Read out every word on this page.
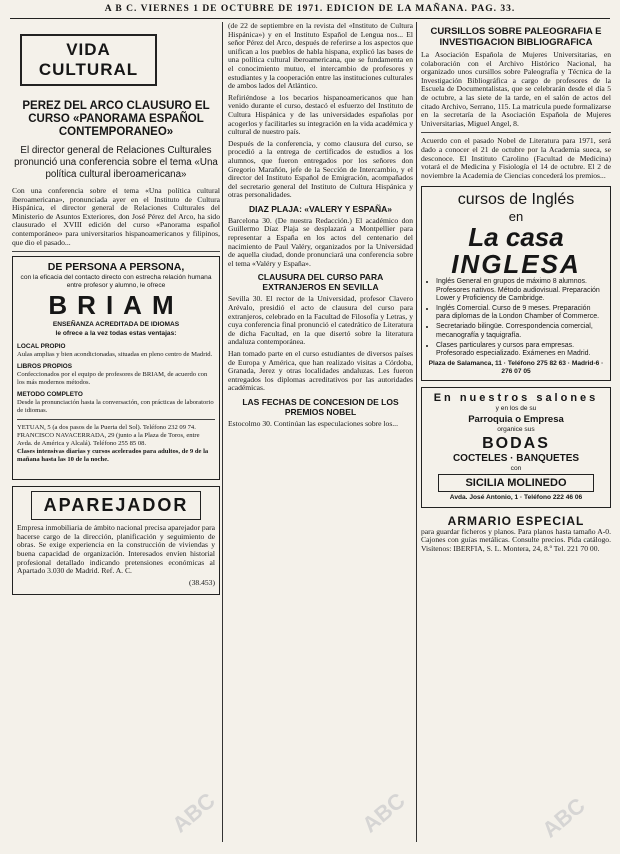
A B C. VIERNES 1 DE OCTUBRE DE 1971. EDICION DE LA MAÑANA. PAG. 33.
VIDA CULTURAL
PEREZ DEL ARCO CLAUSURO EL CURSO «PANORAMA ESPAÑOL CONTEMPORANEO»
El director general de Relaciones Culturales pronunció una conferencia sobre el tema «Una política cultural iberoamericana»

Con una conferencia sobre el tema «Una política cultural iberoamericana», pronunciada ayer en el Instituto de Cultura Hispánica, el director general de Relaciones Culturales del Ministerio de Asuntos Exteriores, don José Pérez del Arco, ha sido clausurado el XVIII edición del curso «Panorama español contemporáneo» para universitarios hispanoamericanos y filipinos, que dio el pasado...

DE PERSONA A PERSONA,
con la eficacia del contacto directo con estrecha relación humana entre profesor y alumno, le ofrece
BRIAM
ENSEÑANZA ACREDITADA DE IDIOMAS
le ofrece a la vez todas estas ventajas:
LOCAL PROPIO
Aulas amplias y bien acondicionadas, situadas en pleno centro de Madrid.
LIBROS PROPIOS
Confeccionados por el equipo de profesores de BRIAM, de acuerdo con los más modernos métodos.
METODO COMPLETO
Desde la pronunciación hasta la conversación, con prácticas de laboratorio de idiomas.
YETUAN, 5 (a dos pasos de la Puerta del Sol). Teléfono 232 09 74.
FRANCISCO NAVACERRADA, 29 (junto a la Plaza de Toros, entre Avda. de América y Alcalá). Teléfono 255 85 08.
Clases intensivas diarias y cursos acelerados para adultos, de 9 de la mañana hasta las 10 de la noche.
APAREJADOR

Empresa inmobiliaria de ámbito nacional precisa aparejador para hacerse cargo de la dirección, planificación y seguimiento de obras. Se exige experiencia en la construcción de viviendas y buena capacidad de organización. Interesados envíen historial profesional detallado indicando pretensiones económicas al Apartado 3.030 de Madrid. Ref. A. C.

(38.453)

(de 22 de septiembre en la revista del «Instituto de Cultura Hispánica») y en el Instituto Español de Lengua nos... El señor Pérez del Arco, después de referirse a los aspectos que unifican a los pueblos de habla hispana, explicó las bases de una política cultural iberoamericana, que se fundamenta en el conocimiento mutuo, el intercambio de profesores y estudiantes y la cooperación entre las instituciones culturales de ambos lados del Atlántico.

Refiriéndose a los becarios hispanoamericanos que han venido durante el curso, destacó el esfuerzo del Instituto de Cultura Hispánica y de las universidades españolas por acogerlos y facilitarles su integración en la vida académica y cultural de nuestro país.

Después de la conferencia, y como clausura del curso, se procedió a la entrega de certificados de estudios a los alumnos, que fueron entregados por los señores don Gregorio Marañón, jefe de la Sección de Intercambio, y el director del Instituto Español de Emigración, acompañados del secretario general del Instituto de Cultura Hispánica y otras personalidades.

DIAZ PLAJA: «VALERY Y ESPAÑA»

Barcelona 30. (De nuestra Redacción.) El académico don Guillermo Díaz Plaja se desplazará a Montpellier para representar a España en los actos del centenario del nacimiento de Paul Valéry, organizados por la Universidad de aquella ciudad, donde pronunciará una conferencia sobre el tema «Valéry y España».

CLAUSURA DEL CURSO PARA EXTRANJEROS EN SEVILLA

Sevilla 30. El rector de la Universidad, profesor Clavero Arévalo, presidió el acto de clausura del curso para extranjeros, celebrado en la Facultad de Filosofía y Letras, y cuya conferencia final pronunció el catedrático de Literatura de dicha Facultad, en la que disertó sobre la literatura andaluza contemporánea.

Han tomado parte en el curso estudiantes de diversos países de Europa y América, que han realizado visitas a Córdoba, Granada, Jerez y otras localidades andaluzas. Les fueron entregados los diplomas acreditativos por las autoridades académicas.

LAS FECHAS DE CONCESION DE LOS PREMIOS NOBEL

Estocolmo 30. Continúan las especulaciones sobre los...

CURSILLOS SOBRE PALEOGRAFIA E INVESTIGACION BIBLIOGRAFICA

La Asociación Española de Mujeres Universitarias, en colaboración con el Archivo Histórico Nacional, ha organizado unos cursillos sobre Paleografía y Técnica de la Investigación Bibliográfica a cargo de profesores de la Escuela de Documentalistas, que se celebrarán desde el día 5 de octubre, a las siete de la tarde, en el salón de actos del citado Archivo, Serrano, 115. La matrícula puede formalizarse en la secretaría de la Asociación Española de Mujeres Universitarias, Miguel Angel, 8.

Acuerdo con el pasado Nobel de Literatura para 1971, será dado a conocer el 21 de octubre por la Academia sueca, se desconoce. El Instituto Carolino (Facultad de Medicina) votará el de Medicina y Fisiología el 14 de octubre. El 2 de noviembre la Academia de Ciencias concederá los premios...

cursos de Inglés
en
La casa
INGLESA
• Inglés General en grupos de máximo 8 alumnos. Profesores nativos. Método audiovisual. Preparación Lower y Proficiency de Cambridge.
• Inglés Comercial. Curso de 9 meses. Preparación para diplomas de la London Chamber of Commerce.
• Secretariado bilingüe. Correspondencia comercial, mecanografía y taquigrafía.
• Clases particulares y cursos para empresas. Profesorado especializado. Exámenes en Madrid.
Plaza de Salamanca, 11 · Teléfono 275 82 63 · Madrid-6 · 276 07 05
En nuestros salones
y en los de su
Parroquia o Empresa
organice sus
BODAS
COCTELES · BANQUETES
con
SICILIA MOLINEDO
Avda. José Antonio, 1 · Teléfono 222 46 06
ARMARIO ESPECIAL

para guardar ficheros y planos. Para planos hasta tamaño A-0. Cajones con guías metálicas. Consulte precios. Pida catálogo. Visítenos: IBERFIA, S. L. Montera, 24, 8.º Tel. 221 70 00.

ABC	ABC	ABC
